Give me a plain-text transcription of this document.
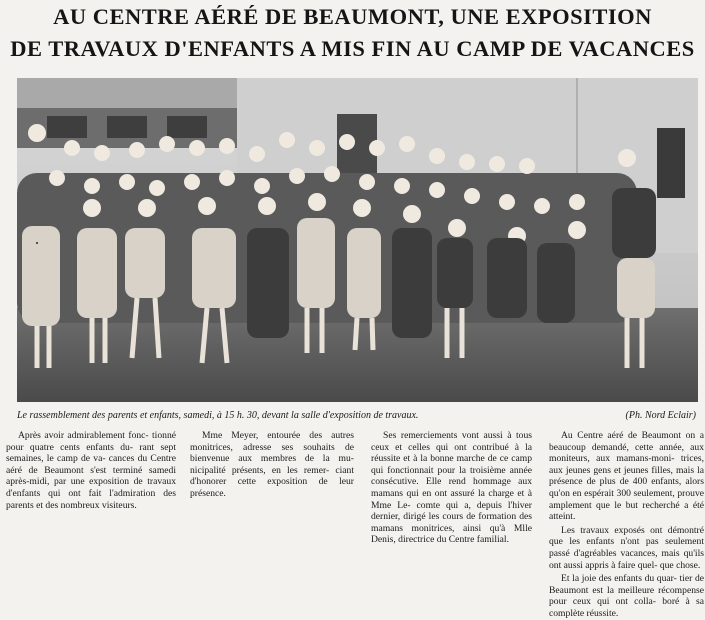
AU CENTRE AÉRÉ DE BEAUMONT, UNE EXPOSITION
DE TRAVAUX D'ENFANTS A MIS FIN AU CAMP DE VACANCES
Le rassemblement des parents et enfants, samedi, à 15 h. 30, devant la salle d'exposition de travaux.	(Ph. Nord Eclair)

Après avoir admirablement fonc- tionné pour quatre cents enfants du- rant sept semaines, le camp de va- cances du Centre aéré de Beaumont s'est terminé samedi après-midi, par une exposition de travaux d'enfants qui ont fait l'admiration des parents et des nombreux visiteurs.

Mme Meyer, entourée des autres monitrices, adresse ses souhaits de bienvenue aux membres de la mu- nicipalité présents, en les remer- ciant d'honorer cette exposition de leur présence.

Ses remerciements vont aussi à tous ceux et celles qui ont contribué à la réussite et à la bonne marche de ce camp qui fonctionnait pour la troisième année consécutive. Elle rend hommage aux mamans qui en ont assuré la charge et à Mme Le- comte qui a, depuis l'hiver dernier, dirigé les cours de formation des mamans monitrices, ainsi qu'à Mlle Denis, directrice du Centre familial.

Au Centre aéré de Beaumont on a beaucoup demandé, cette année, aux moniteurs, aux mamans-moni- trices, aux jeunes gens et jeunes filles, mais la présence de plus de 400 enfants, alors qu'on en espérait 300 seulement, prouve amplement que le but recherché a été atteint.

Les travaux exposés ont démontré que les enfants n'ont pas seulement passé d'agréables vacances, mais qu'ils ont aussi appris à faire quel- que chose.

Et la joie des enfants du quar- tier de Beaumont est la meilleure récompense pour ceux qui ont colla- boré à sa complète réussite.
